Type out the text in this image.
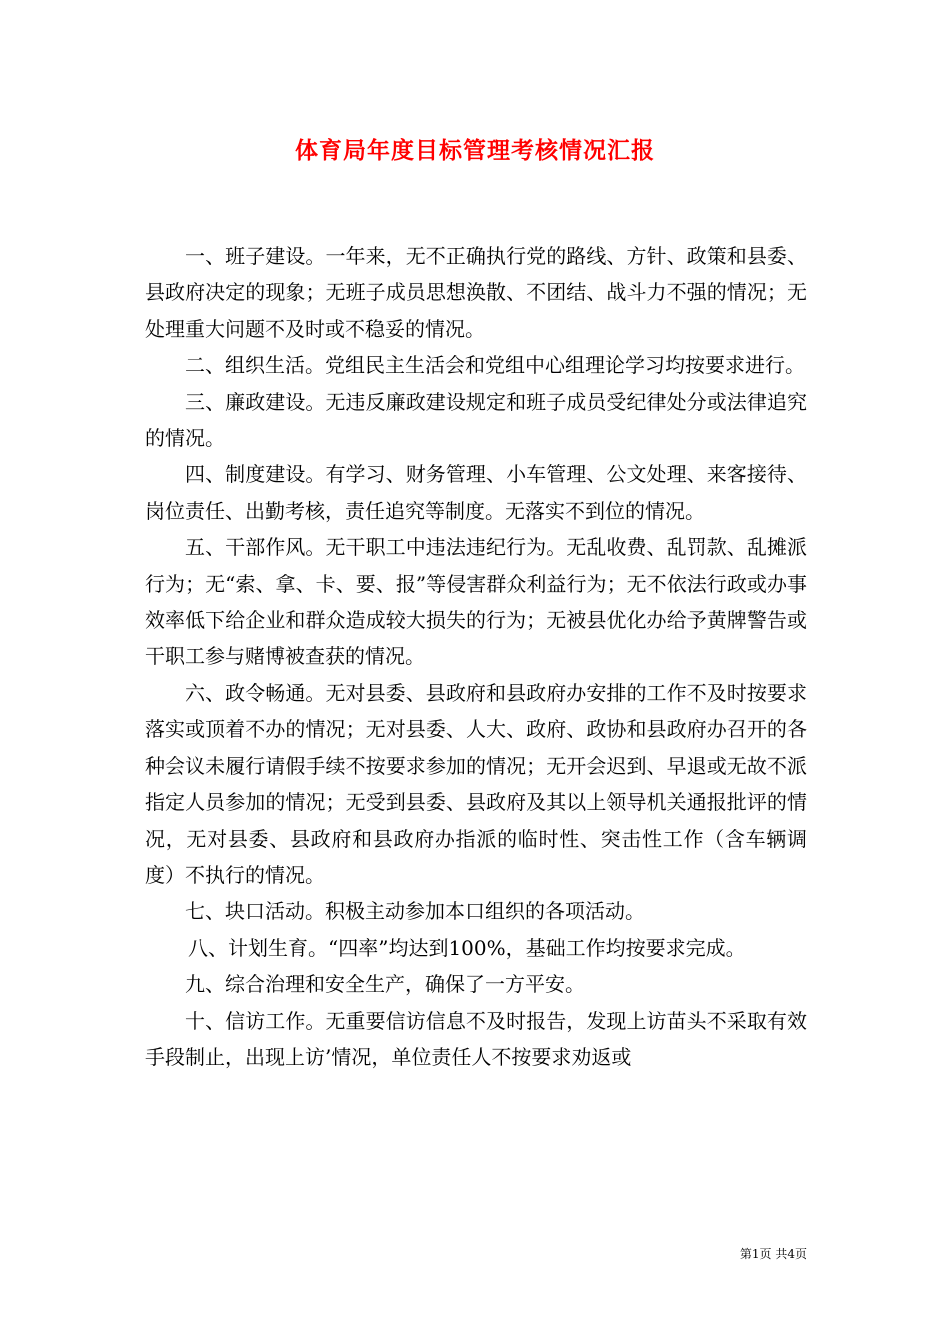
体育局年度目标管理考核情况汇报

一、班子建设。一年来，无不正确执行党的路线、方针、政策和县委、县政府决定的现象；无班子成员思想涣散、不团结、战斗力不强的情况；无处理重大问题不及时或不稳妥的情况。

二、组织生活。党组民主生活会和党组中心组理论学习均按要求进行。

三、廉政建设。无违反廉政建设规定和班子成员受纪律处分或法律追究的情况。

四、制度建设。有学习、财务管理、小车管理、公文处理、来客接待、岗位责任、出勤考核，责任追究等制度。无落实不到位的情况。

五、干部作风。无干职工中违法违纪行为。无乱收费、乱罚款、乱摊派行为；无“索、拿、卡、要、报”等侵害群众利益行为；无不依法行政或办事效率低下给企业和群众造成较大损失的行为；无被县优化办给予黄牌警告或干职工参与赌博被查获的情况。

六、政令畅通。无对县委、县政府和县政府办安排的工作不及时按要求落实或顶着不办的情况；无对县委、人大、政府、政协和县政府办召开的各种会议未履行请假手续不按要求参加的情况；无开会迟到、早退或无故不派指定人员参加的情况；无受到县委、县政府及其以上领导机关通报批评的情况，无对县委、县政府和县政府办指派的临时性、突击性工作（含车辆调度）不执行的情况。

七、块口活动。积极主动参加本口组织的各项活动。

八、计划生育。“四率”均达到100%，基础工作均按要求完成。

九、综合治理和安全生产，确保了一方平安。

十、信访工作。无重要信访信息不及时报告，发现上访苗头不采取有效手段制止，出现上访’情况，单位责任人不按要求劝返或

第1页 共4页
